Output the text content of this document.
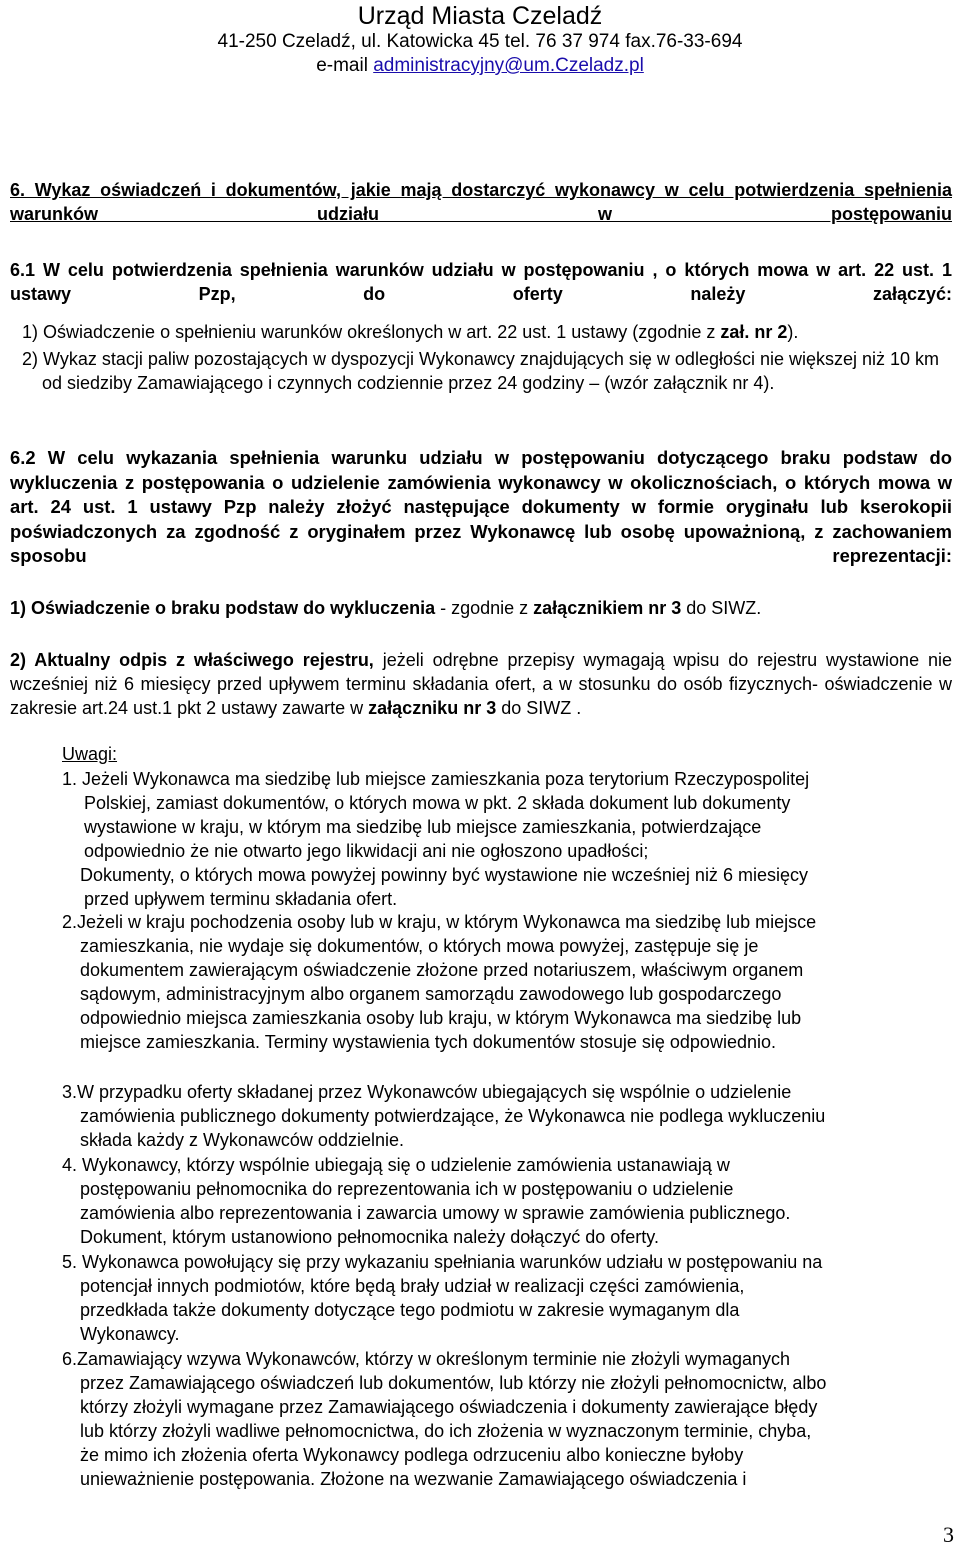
Urząd Miasta Czeladź
41-250 Czeladź, ul. Katowicka 45 tel. 76 37 974 fax.76-33-694
e-mail administracyjny@um.Czeladz.pl
6. Wykaz oświadczeń i dokumentów, jakie mają dostarczyć wykonawcy w celu potwierdzenia spełnienia warunków udziału w postępowaniu
6.1 W celu potwierdzenia spełnienia warunków udziału w postępowaniu , o których mowa w art. 22 ust. 1 ustawy Pzp, do oferty należy załączyć:
1) Oświadczenie o spełnieniu warunków określonych w art. 22 ust. 1 ustawy (zgodnie z zał. nr 2).
2) Wykaz stacji paliw pozostających w dyspozycji Wykonawcy znajdujących się w odległości nie większej niż 10 km od siedziby Zamawiającego i czynnych codziennie przez 24 godziny – (wzór załącznik nr 4).
6.2 W celu wykazania spełnienia warunku udziału w postępowaniu dotyczącego braku podstaw do wykluczenia z postępowania o udzielenie zamówienia wykonawcy w okolicznościach, o których mowa w art. 24 ust. 1 ustawy Pzp należy złożyć następujące dokumenty w formie oryginału lub kserokopii poświadczonych za zgodność z oryginałem przez Wykonawcę lub osobę upoważnioną, z zachowaniem sposobu reprezentacji:
1) Oświadczenie o braku podstaw do wykluczenia - zgodnie z załącznikiem nr 3 do SIWZ.
2) Aktualny odpis z właściwego rejestru, jeżeli odrębne przepisy wymagają wpisu do rejestru wystawione nie wcześniej niż 6 miesięcy przed upływem terminu składania ofert, a w stosunku do osób fizycznych- oświadczenie w zakresie art.24 ust.1 pkt 2 ustawy zawarte w załączniku nr 3 do SIWZ .
Uwagi:
1. Jeżeli Wykonawca ma siedzibę lub miejsce zamieszkania poza terytorium Rzeczypospolitej
Polskiej, zamiast dokumentów, o których mowa w pkt. 2 składa dokument lub dokumenty
wystawione w kraju, w którym ma siedzibę lub miejsce zamieszkania, potwierdzające
odpowiednio że nie otwarto jego likwidacji ani nie ogłoszono upadłości;
Dokumenty, o których mowa powyżej powinny być wystawione nie wcześniej niż 6 miesięcy
przed upływem terminu składania ofert.
2.Jeżeli w kraju pochodzenia osoby lub w kraju, w którym Wykonawca ma siedzibę lub miejsce
zamieszkania, nie wydaje się dokumentów, o których mowa powyżej, zastępuje się je
dokumentem zawierającym oświadczenie złożone przed notariuszem, właściwym organem
sądowym, administracyjnym albo organem samorządu zawodowego lub gospodarczego
odpowiednio miejsca zamieszkania osoby lub kraju, w którym Wykonawca ma siedzibę lub
miejsce zamieszkania. Terminy wystawienia tych dokumentów stosuje się odpowiednio.
3.W przypadku oferty składanej przez Wykonawców ubiegających się wspólnie o udzielenie
zamówienia publicznego dokumenty potwierdzające, że Wykonawca nie podlega wykluczeniu
składa każdy z Wykonawców oddzielnie.
4. Wykonawcy, którzy wspólnie ubiegają się o udzielenie zamówienia ustanawiają w
postępowaniu pełnomocnika do reprezentowania ich w postępowaniu o udzielenie
zamówienia albo reprezentowania i zawarcia umowy w sprawie zamówienia publicznego.
Dokument, którym ustanowiono pełnomocnika należy dołączyć do oferty.
5. Wykonawca powołujący się przy wykazaniu spełniania warunków udziału w postępowaniu na
potencjał innych podmiotów, które będą brały udział w realizacji części zamówienia,
przedkłada także dokumenty dotyczące tego podmiotu w zakresie wymaganym dla
Wykonawcy.
6.Zamawiający wzywa Wykonawców, którzy w określonym terminie nie złożyli wymaganych
przez Zamawiającego oświadczeń lub dokumentów, lub którzy nie złożyli pełnomocnictw, albo
którzy złożyli wymagane przez Zamawiającego oświadczenia i dokumenty zawierające błędy
lub którzy złożyli wadliwe pełnomocnictwa, do ich złożenia w wyznaczonym terminie, chyba,
że mimo ich złożenia oferta Wykonawcy podlega odrzuceniu albo konieczne byłoby
unieważnienie postępowania. Złożone na wezwanie Zamawiającego oświadczenia i
3
